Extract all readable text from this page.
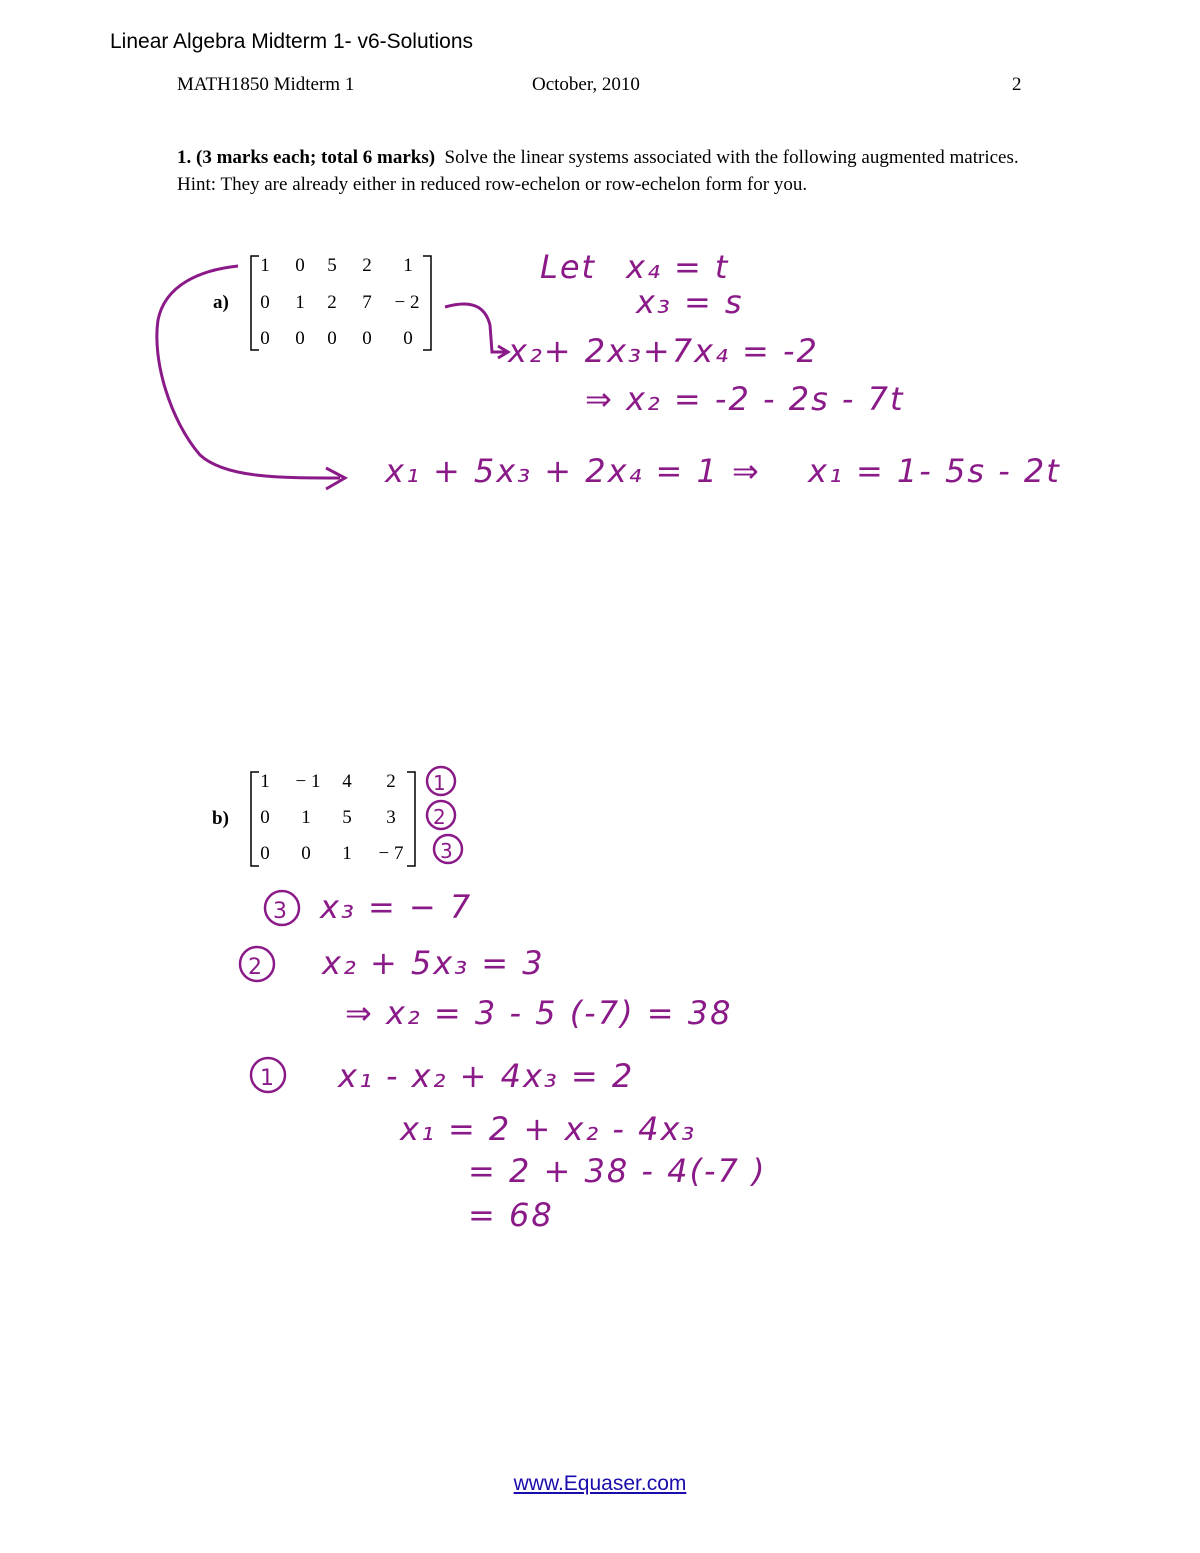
Linear Algebra Midterm 1- v6-Solutions
MATH1850 Midterm 1	October, 2010	2
1. (3 marks each; total 6 marks) Solve the linear systems associated with the following augmented matrices. Hint: They are already either in reduced row-echelon or row-echelon form for you.
a)
1	0	5	2	1
0	1	2	7	− 2
0	0	0	0	0
b)
1	− 1	4	2
0	1	5	3
0	0	1	− 7
Let x₄ = t
x₃ = s
x₂+ 2x₃+7x₄ = -2
⇒ x₂ = -2 - 2s - 7t
x₁ + 5x₃ + 2x₄ = 1 ⇒ x₁ = 1- 5s - 2t
1
2
3
3 x₃ = − 7
2 x₂ + 5x₃ = 3
⇒ x₂ = 3 - 5 (-7) = 38
1 x₁ - x₂ + 4x₃ = 2
x₁ = 2 + x₂ - 4x₃
= 2 + 38 - 4(-7 )
= 68
www.Equaser.com
